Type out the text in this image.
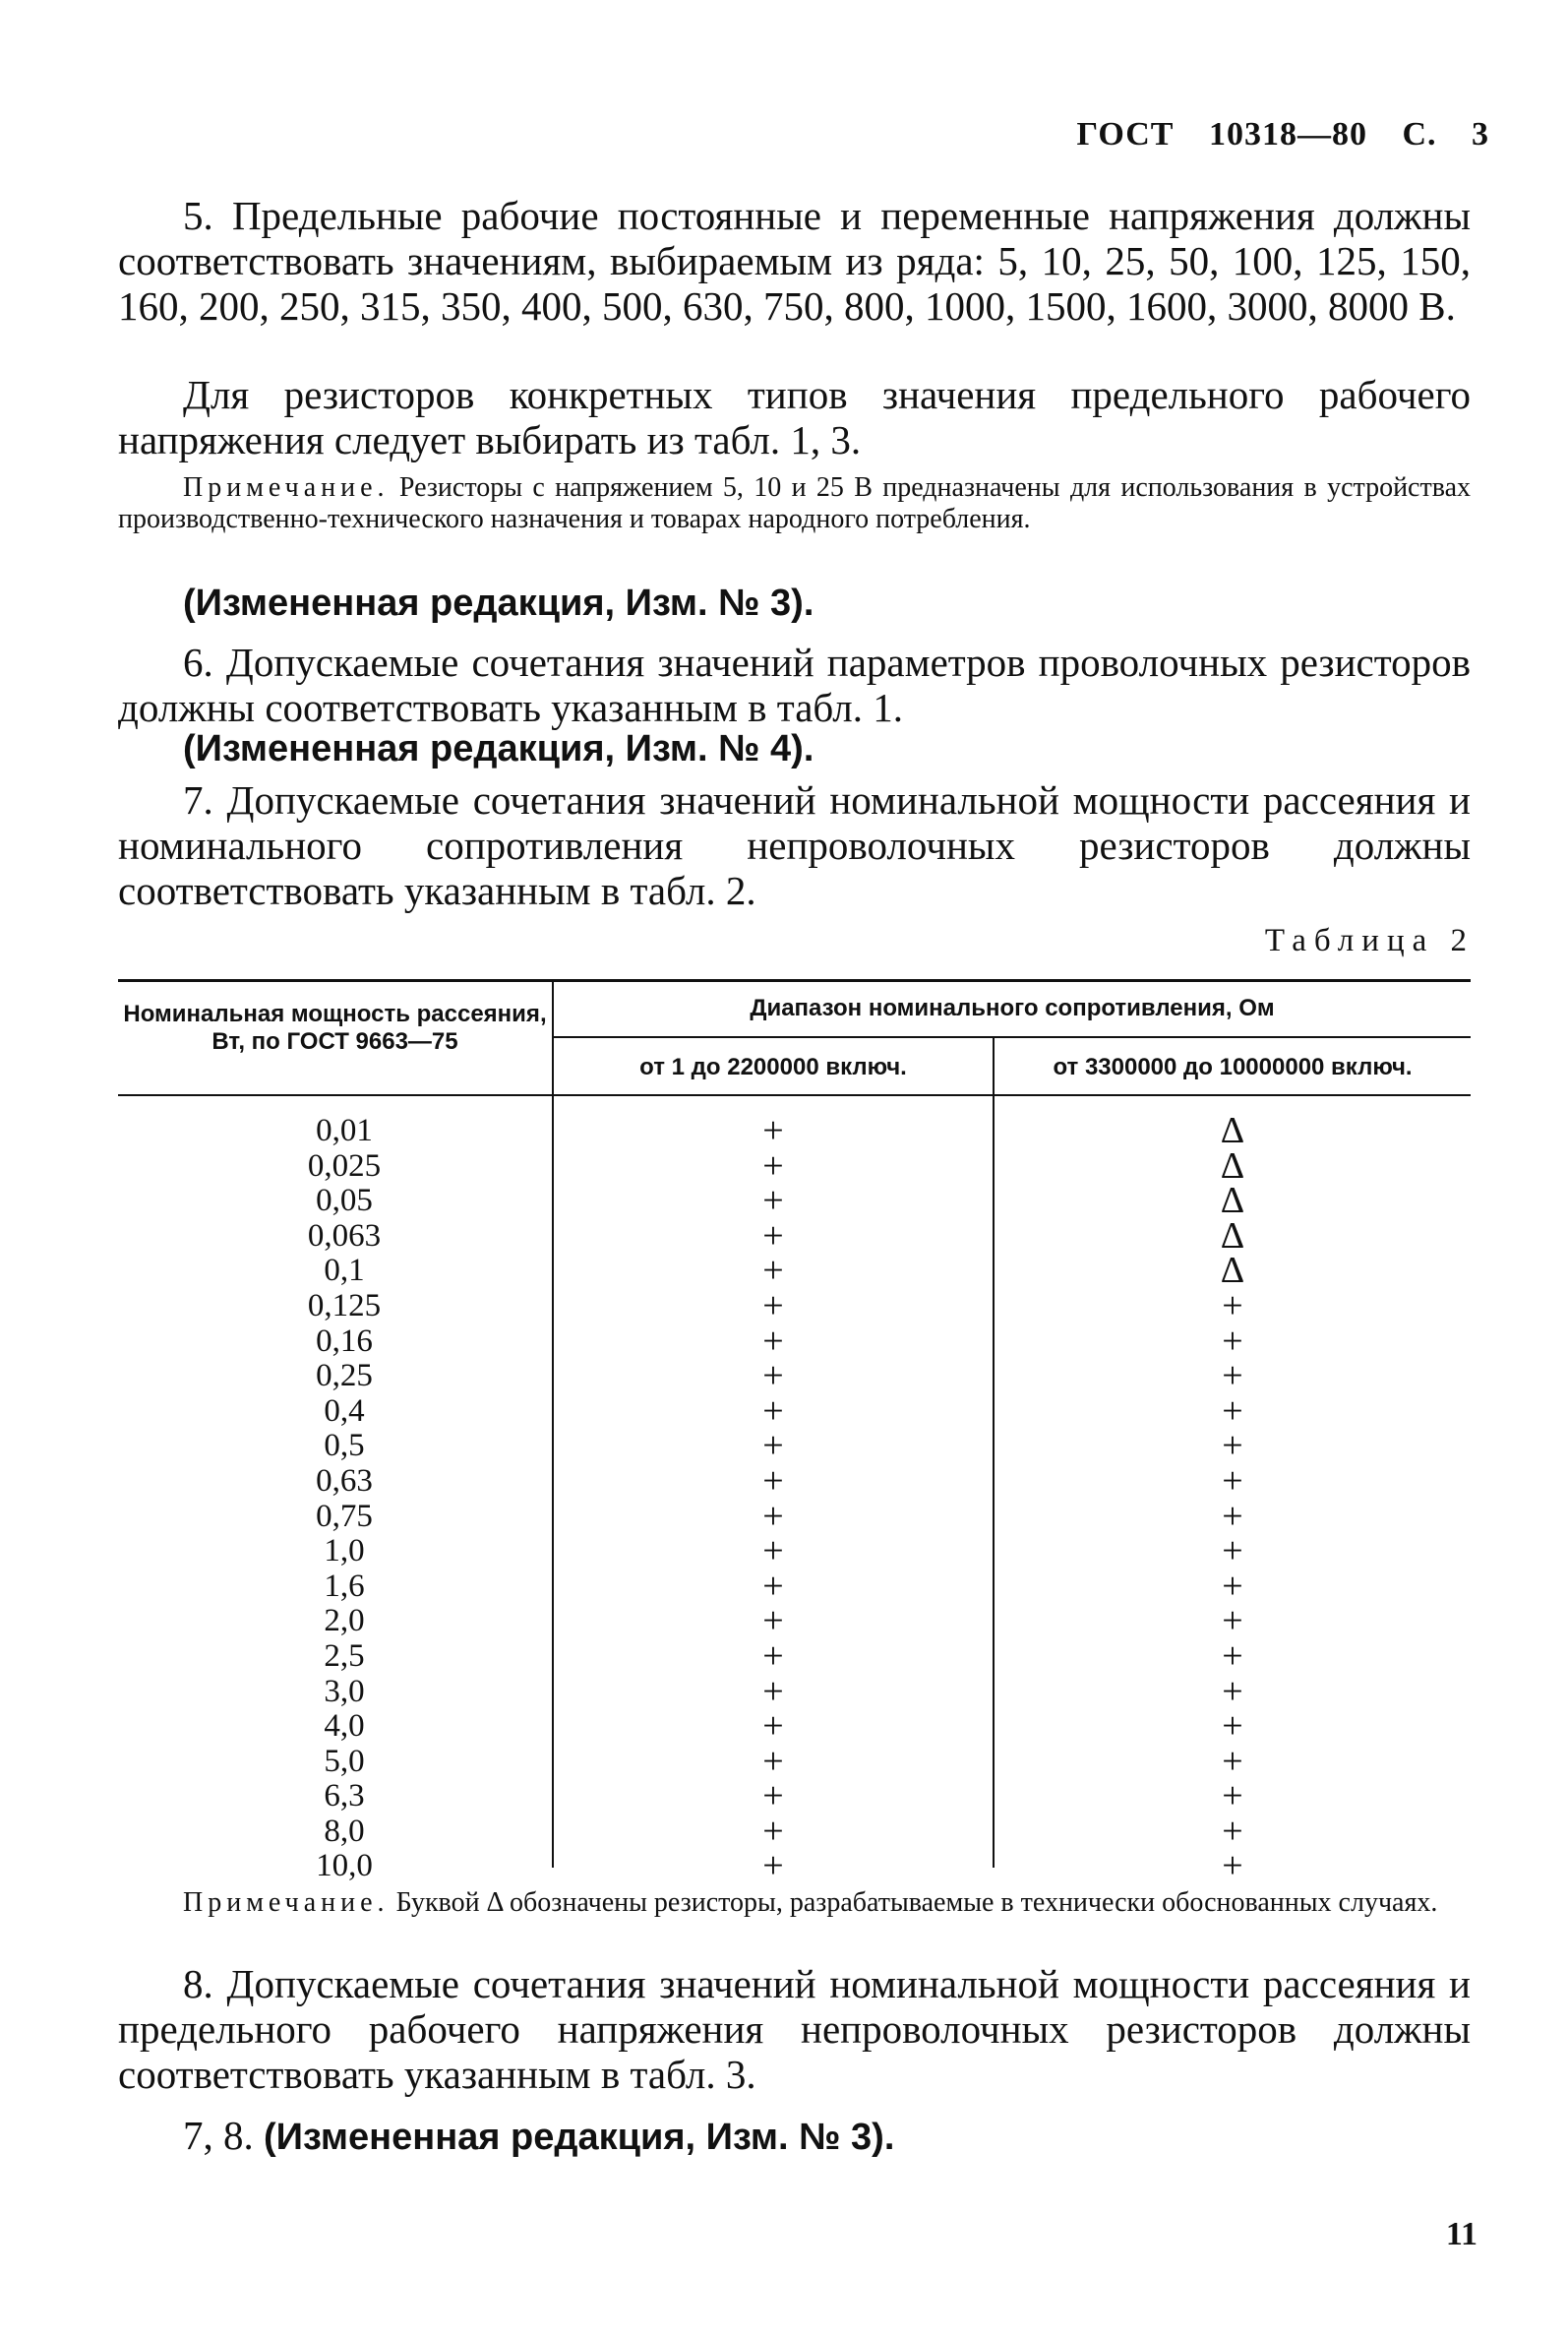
ГОСТ 10318—80 С. 3
5. Предельные рабочие постоянные и переменные напряжения должны соответствовать значениям, выбираемым из ряда: 5, 10, 25, 50, 100, 125, 150, 160, 200, 250, 315, 350, 400, 500, 630, 750, 800, 1000, 1500, 1600, 3000, 8000 В.
Для резисторов конкретных типов значения предельного рабочего напряжения следует выбирать из табл. 1, 3.
Примечание. Резисторы с напряжением 5, 10 и 25 В предназначены для использования в устройствах производственно-технического назначения и товарах народного потребления.
(Измененная редакция, Изм. № 3).
6. Допускаемые сочетания значений параметров проволочных резисторов должны соответствовать указанным в табл. 1.
(Измененная редакция, Изм. № 4).
7. Допускаемые сочетания значений номинальной мощности рассеяния и номинального сопротивления непроволочных резисторов должны соответствовать указанным в табл. 2.
Таблица 2
Номинальная мощность рассеяния, Вт, по ГОСТ 9663—75
Диапазон номинального сопротивления, Ом
от 1 до 2200000 включ.	от 3300000 до 10000000 включ.
0,01	+	Δ
0,025	+	Δ
0,05	+	Δ
0,063	+	Δ
0,1	+	Δ
0,125	+	+
0,16	+	+
0,25	+	+
0,4	+	+
0,5	+	+
0,63	+	+
0,75	+	+
1,0	+	+
1,6	+	+
2,0	+	+
2,5	+	+
3,0	+	+
4,0	+	+
5,0	+	+
6,3	+	+
8,0	+	+
10,0	+	+
Примечание. Буквой Δ обозначены резисторы, разрабатываемые в технически обоснованных случаях.
8. Допускаемые сочетания значений номинальной мощности рассеяния и предельного рабочего напряжения непроволочных резисторов должны соответствовать указанным в табл. 3.
7, 8. (Измененная редакция, Изм. № 3).
11
